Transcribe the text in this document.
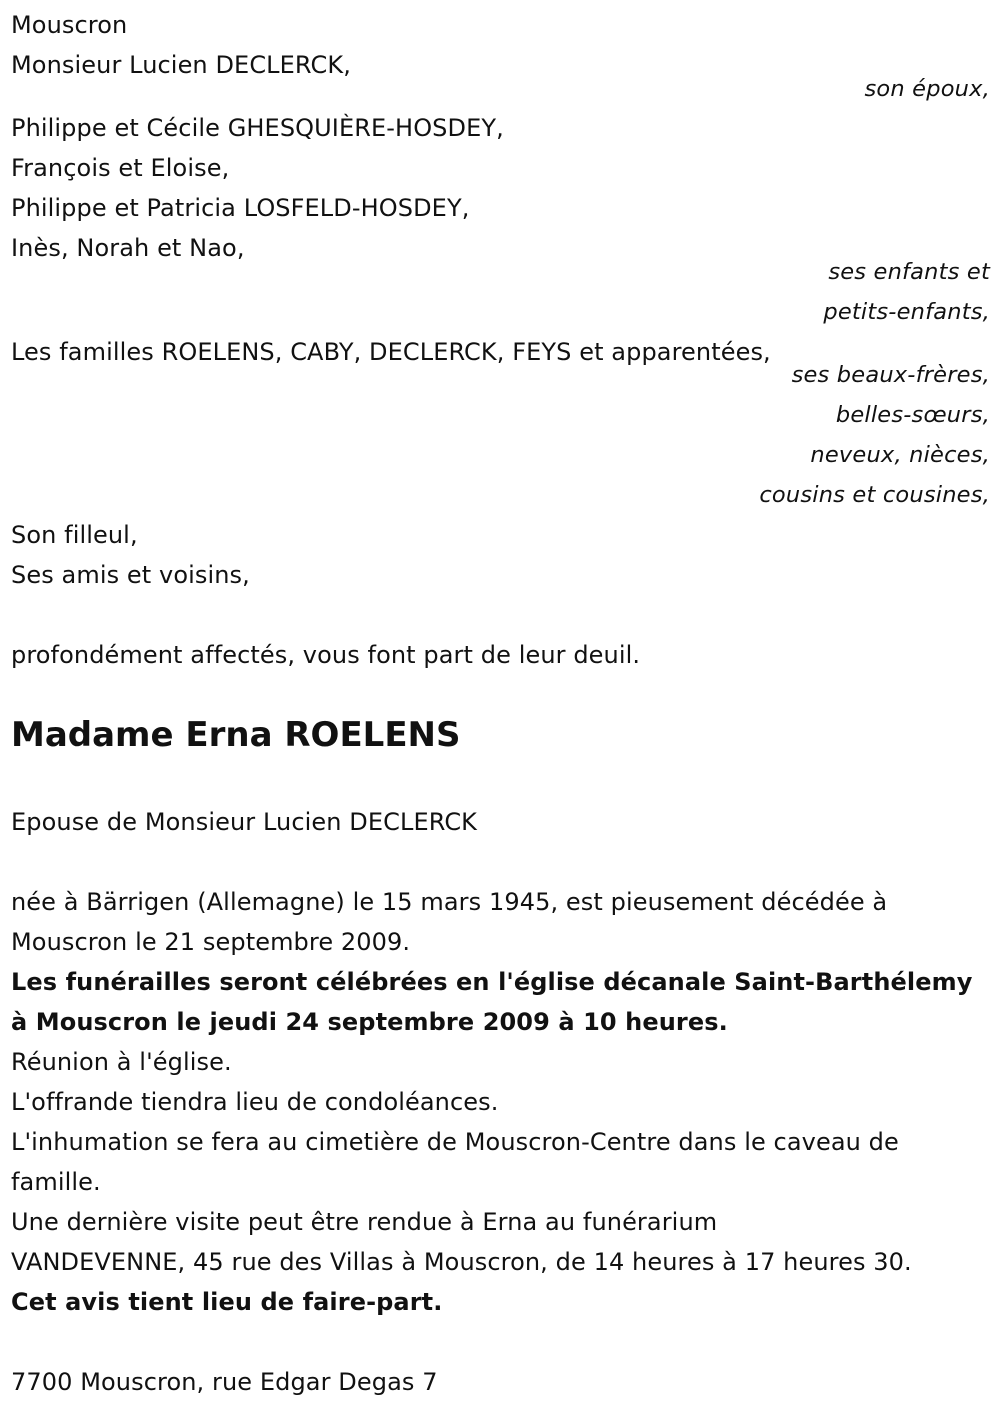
Mouscron
Monsieur Lucien DECLERCK,
son époux,
Philippe et Cécile GHESQUIÈRE-HOSDEY,
François et Eloise,
Philippe et Patricia LOSFELD-HOSDEY,
Inès, Norah et Nao,
ses enfants et
petits-enfants,
Les familles ROELENS, CABY, DECLERCK, FEYS et apparentées,
ses beaux-frères,
belles-sœurs,
neveux, nièces,
cousins et cousines,
Son filleul,
Ses amis et voisins,
profondément affectés, vous font part de leur deuil.
Madame Erna ROELENS
Epouse de Monsieur Lucien DECLERCK
née à Bärrigen (Allemagne) le 15 mars 1945, est pieusement décédée à
Mouscron le 21 septembre 2009.
Les funérailles seront célébrées en l'église décanale Saint-Barthélemy
à Mouscron le jeudi 24 septembre 2009 à 10 heures.
Réunion à l'église.
L'offrande tiendra lieu de condoléances.
L'inhumation se fera au cimetière de Mouscron-Centre dans le caveau de
famille.
Une dernière visite peut être rendue à Erna au funérarium
VANDEVENNE, 45 rue des Villas à Mouscron, de 14 heures à 17 heures 30.
Cet avis tient lieu de faire-part.
7700 Mouscron, rue Edgar Degas 7
